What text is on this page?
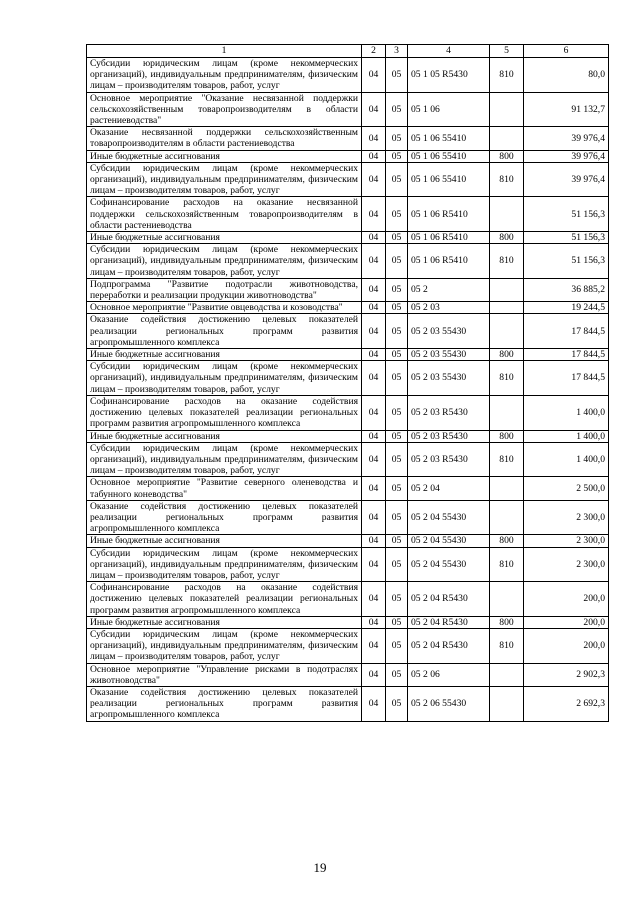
1	2	3	4	5	6
Субсидии юридическим лицам (кроме некоммерческих организаций), индивидуальным предпринимателям, физическим лицам – производителям товаров, работ, услуг	04	05	05 1 05 R5430	810	80,0
Основное мероприятие "Оказание несвязанной поддержки сельскохозяйственным товаропроизводителям в области растениеводства"	04	05	05 1 06		91 132,7
Оказание несвязанной поддержки сельскохозяйственным товаропроизводителям в области растениеводства	04	05	05 1 06 55410		39 976,4
Иные бюджетные ассигнования	04	05	05 1 06 55410	800	39 976,4
Субсидии юридическим лицам (кроме некоммерческих организаций), индивидуальным предпринимателям, физическим лицам – производителям товаров, работ, услуг	04	05	05 1 06 55410	810	39 976,4
Софинансирование расходов на оказание несвязанной поддержки сельскохозяйственным товаропроизводителям в области растениеводства	04	05	05 1 06 R5410		51 156,3
Иные бюджетные ассигнования	04	05	05 1 06 R5410	800	51 156,3
Субсидии юридическим лицам (кроме некоммерческих организаций), индивидуальным предпринимателям, физическим лицам – производителям товаров, работ, услуг	04	05	05 1 06 R5410	810	51 156,3
Подпрограмма "Развитие подотрасли животноводства, переработки и реализации продукции животноводства"	04	05	05 2		36 885,2
Основное мероприятие "Развитие овцеводства и козоводства"	04	05	05 2 03		19 244,5
Оказание содействия достижению целевых показателей реализации региональных программ развития агропромышленного комплекса	04	05	05 2 03 55430		17 844,5
Иные бюджетные ассигнования	04	05	05 2 03 55430	800	17 844,5
Субсидии юридическим лицам (кроме некоммерческих организаций), индивидуальным предпринимателям, физическим лицам – производителям товаров, работ, услуг	04	05	05 2 03 55430	810	17 844,5
Софинансирование расходов на оказание содействия достижению целевых показателей реализации региональных программ развития агропромышленного комплекса	04	05	05 2 03 R5430		1 400,0
Иные бюджетные ассигнования	04	05	05 2 03 R5430	800	1 400,0
Субсидии юридическим лицам (кроме некоммерческих организаций), индивидуальным предпринимателям, физическим лицам – производителям товаров, работ, услуг	04	05	05 2 03 R5430	810	1 400,0
Основное мероприятие "Развитие северного оленеводства и табунного коневодства"	04	05	05 2 04		2 500,0
Оказание содействия достижению целевых показателей реализации региональных программ развития агропромышленного комплекса	04	05	05 2 04 55430		2 300,0
Иные бюджетные ассигнования	04	05	05 2 04 55430	800	2 300,0
Субсидии юридическим лицам (кроме некоммерческих организаций), индивидуальным предпринимателям, физическим лицам – производителям товаров, работ, услуг	04	05	05 2 04 55430	810	2 300,0
Софинансирование расходов на оказание содействия достижению целевых показателей реализации региональных программ развития агропромышленного комплекса	04	05	05 2 04 R5430		200,0
Иные бюджетные ассигнования	04	05	05 2 04 R5430	800	200,0
Субсидии юридическим лицам (кроме некоммерческих организаций), индивидуальным предпринимателям, физическим лицам – производителям товаров, работ, услуг	04	05	05 2 04 R5430	810	200,0
Основное мероприятие "Управление рисками в подотраслях животноводства"	04	05	05 2 06		2 902,3
Оказание содействия достижению целевых показателей реализации региональных программ развития агропромышленного комплекса	04	05	05 2 06 55430		2 692,3
19
